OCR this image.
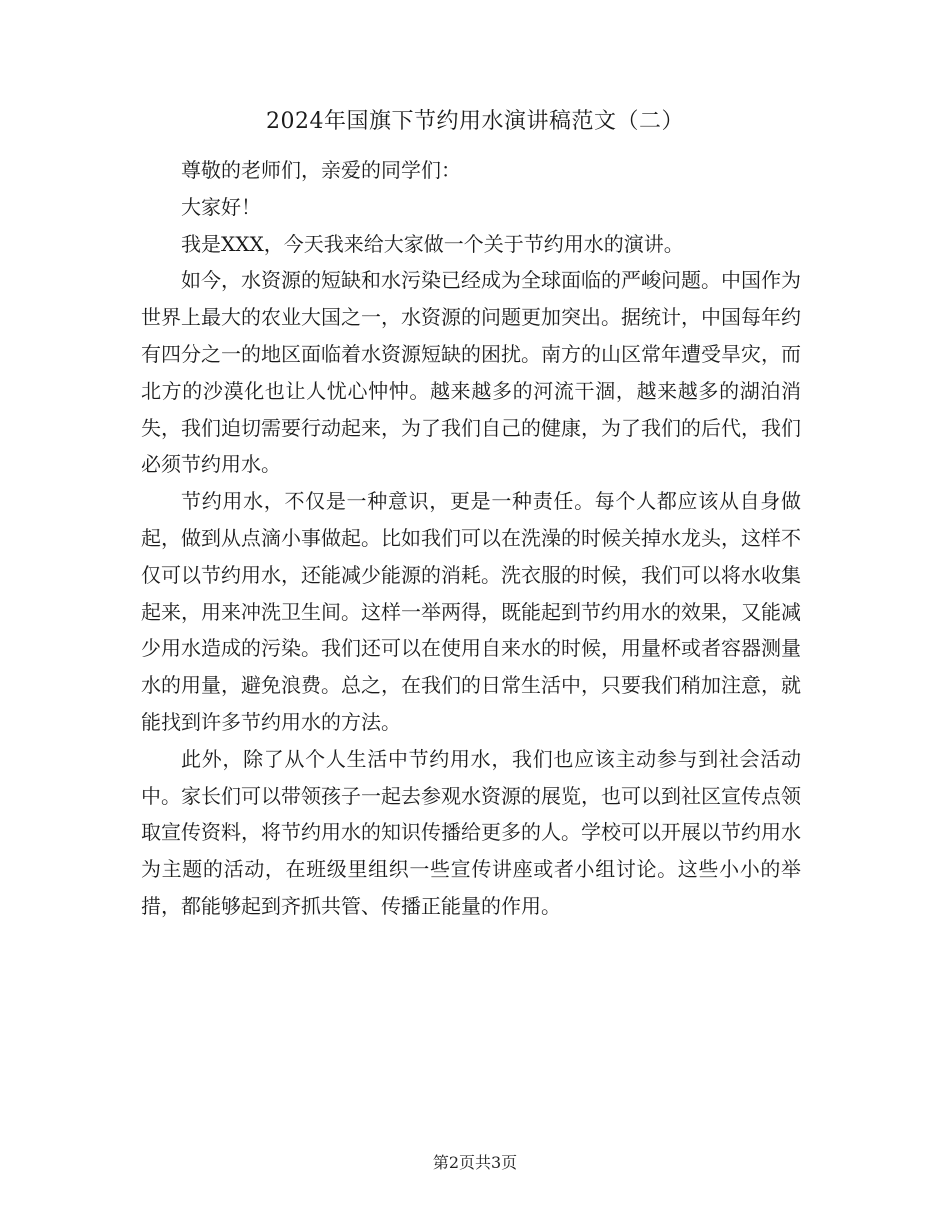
2024年国旗下节约用水演讲稿范文（二）

尊敬的老师们，亲爱的同学们：

大家好！

我是XXX，今天我来给大家做一个关于节约用水的演讲。

如今，水资源的短缺和水污染已经成为全球面临的严峻问题。中国作为世界上最大的农业大国之一，水资源的问题更加突出。据统计，中国每年约有四分之一的地区面临着水资源短缺的困扰。南方的山区常年遭受旱灾，而北方的沙漠化也让人忧心忡忡。越来越多的河流干涸，越来越多的湖泊消失，我们迫切需要行动起来，为了我们自己的健康，为了我们的后代，我们必须节约用水。

节约用水，不仅是一种意识，更是一种责任。每个人都应该从自身做起，做到从点滴小事做起。比如我们可以在洗澡的时候关掉水龙头，这样不仅可以节约用水，还能减少能源的消耗。洗衣服的时候，我们可以将水收集起来，用来冲洗卫生间。这样一举两得，既能起到节约用水的效果，又能减少用水造成的污染。我们还可以在使用自来水的时候，用量杯或者容器测量水的用量，避免浪费。总之，在我们的日常生活中，只要我们稍加注意，就能找到许多节约用水的方法。

此外，除了从个人生活中节约用水，我们也应该主动参与到社会活动中。家长们可以带领孩子一起去参观水资源的展览，也可以到社区宣传点领取宣传资料，将节约用水的知识传播给更多的人。学校可以开展以节约用水为主题的活动，在班级里组织一些宣传讲座或者小组讨论。这些小小的举措，都能够起到齐抓共管、传播正能量的作用。

第2页共3页
